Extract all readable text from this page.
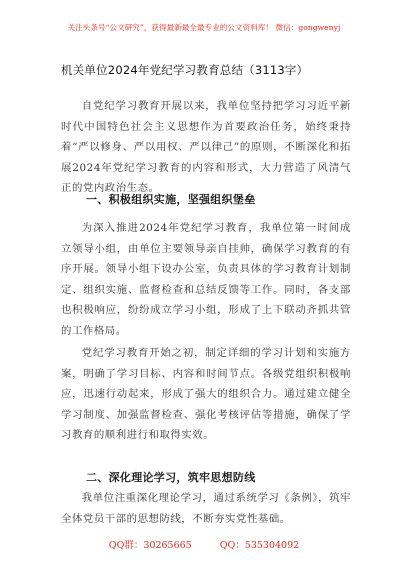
关注头条号“公文研究”，获得最新最全最专业的公文资料库！ 微信：gongwenyj
机关单位2024年党纪学习教育总结（3113字）

自党纪学习教育开展以来，我单位坚持把学习习近平新时代中国特色社会主义思想作为首要政治任务，始终秉持着“严以修身、严以用权、严以律己”的原则，不断深化和拓展2024年党纪学习教育的内容和形式，大力营造了风清气正的党内政治生态。

一、积极组织实施，坚强组织堡垒

为深入推进2024年党纪学习教育，我单位第一时间成立领导小组，由单位主要领导亲自挂帅，确保学习教育的有序开展。领导小组下设办公室，负责具体的学习教育计划制定、组织实施、监督检查和总结反馈等工作。同时，各支部也积极响应，纷纷成立学习小组，形成了上下联动齐抓共管的工作格局。

党纪学习教育开始之初，制定详细的学习计划和实施方案，明确了学习目标、内容和时间节点。各级党组织积极响应，迅速行动起来，形成了强大的组织合力。通过建立健全学习制度、加强监督检查、强化考核评估等措施，确保了学习教育的顺利进行和取得实效。

二、深化理论学习，筑牢思想防线

我单位注重深化理论学习，通过系统学习《条例》，筑牢全体党员干部的思想防线，不断夯实党性基础。

QQ群：30265665	QQ：535304092
